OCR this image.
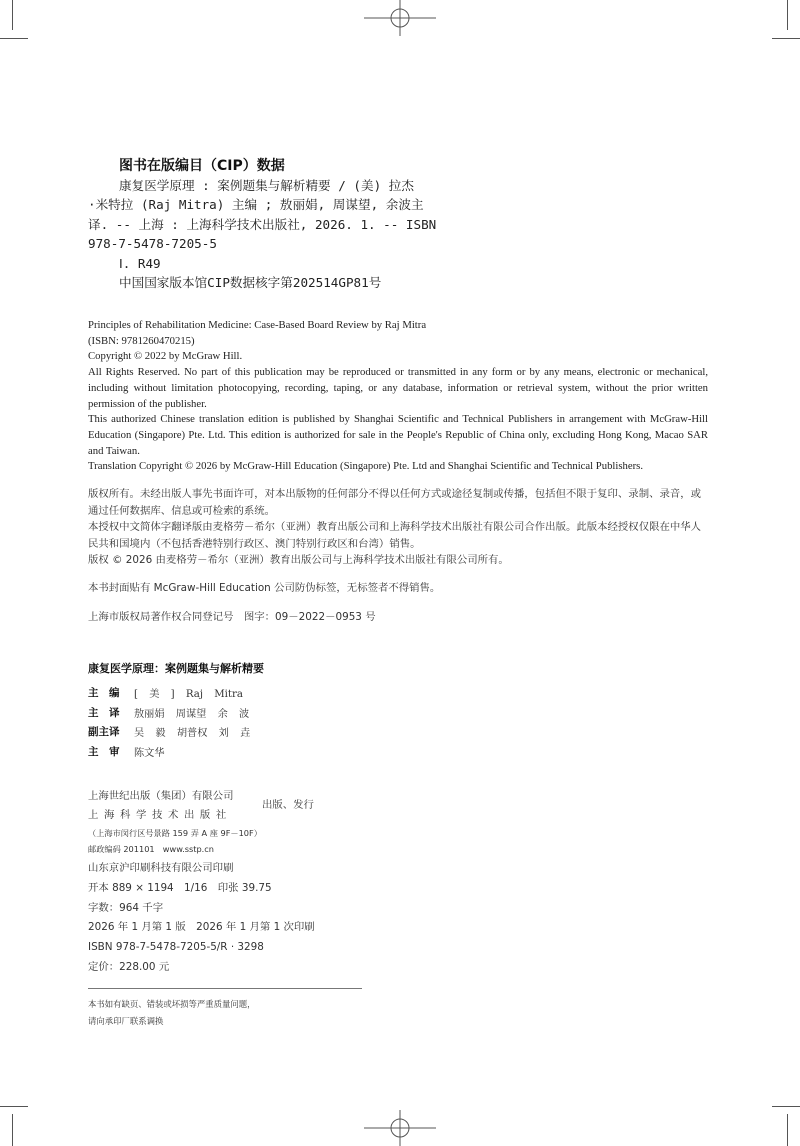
图书在版编目（CIP）数据
康复医学原理 : 案例题集与解析精要 / (美) 拉杰
·米特拉 (Raj Mitra) 主编 ; 敖丽娟, 周谋望, 余波主
译. -- 上海 : 上海科学技术出版社, 2026. 1. -- ISBN
978-7-5478-7205-5
Ⅰ. R49
中国国家版本馆CIP数据核字第202514GP81号

Principles of Rehabilitation Medicine: Case-Based Board Review by Raj Mitra

(ISBN: 9781260470215)

Copyright © 2022 by McGraw Hill.

All Rights Reserved. No part of this publication may be reproduced or transmitted in any form or by any means, electronic or mechanical, including without limitation photocopying, recording, taping, or any database, information or retrieval system, without the prior written permission of the publisher.

This authorized Chinese translation edition is published by Shanghai Scientific and Technical Publishers in arrangement with McGraw-Hill Education (Singapore) Pte. Ltd. This edition is authorized for sale in the People's Republic of China only, excluding Hong Kong, Macao SAR and Taiwan.

Translation Copyright © 2026 by McGraw-Hill Education (Singapore) Pte. Ltd and Shanghai Scientific and Technical Publishers.

版权所有。未经出版人事先书面许可，对本出版物的任何部分不得以任何方式或途径复制或传播，包括但不限于复印、录制、录音，或通过任何数据库、信息或可检索的系统。

本授权中文简体字翻译版由麦格劳－希尔（亚洲）教育出版公司和上海科学技术出版社有限公司合作出版。此版本经授权仅限在中华人民共和国境内（不包括香港特别行政区、澳门特别行政区和台湾）销售。

版权 © 2026 由麦格劳－希尔（亚洲）教育出版公司与上海科学技术出版社有限公司所有。

本书封面贴有 McGraw-Hill Education 公司防伪标签，无标签者不得销售。
上海市版权局著作权合同登记号　图字：09－2022－0953 号
康复医学原理：案例题集与解析精要
主　编	[ 美 ] Raj Mitra
主　译	敖丽娟 周谋望 余 波
副主译	吴 毅 胡普权 刘 垚
主　审	陈文华
上海世纪出版（集团）有限公司
上海科学技术出版社
（上海市闵行区号景路 159 弄 A 座 9F－10F）
邮政编码 201101　www.sstp.cn
出版、发行
山东京沪印刷科技有限公司印刷
开本 889 × 1194　1/16　印张 39.75
字数：964 千字
2026 年 1 月第 1 版　2026 年 1 月第 1 次印刷
ISBN 978-7-5478-7205-5/R · 3298
定价：228.00 元
本书如有缺页、错装或坏损等严重质量问题，
请向承印厂联系调换
